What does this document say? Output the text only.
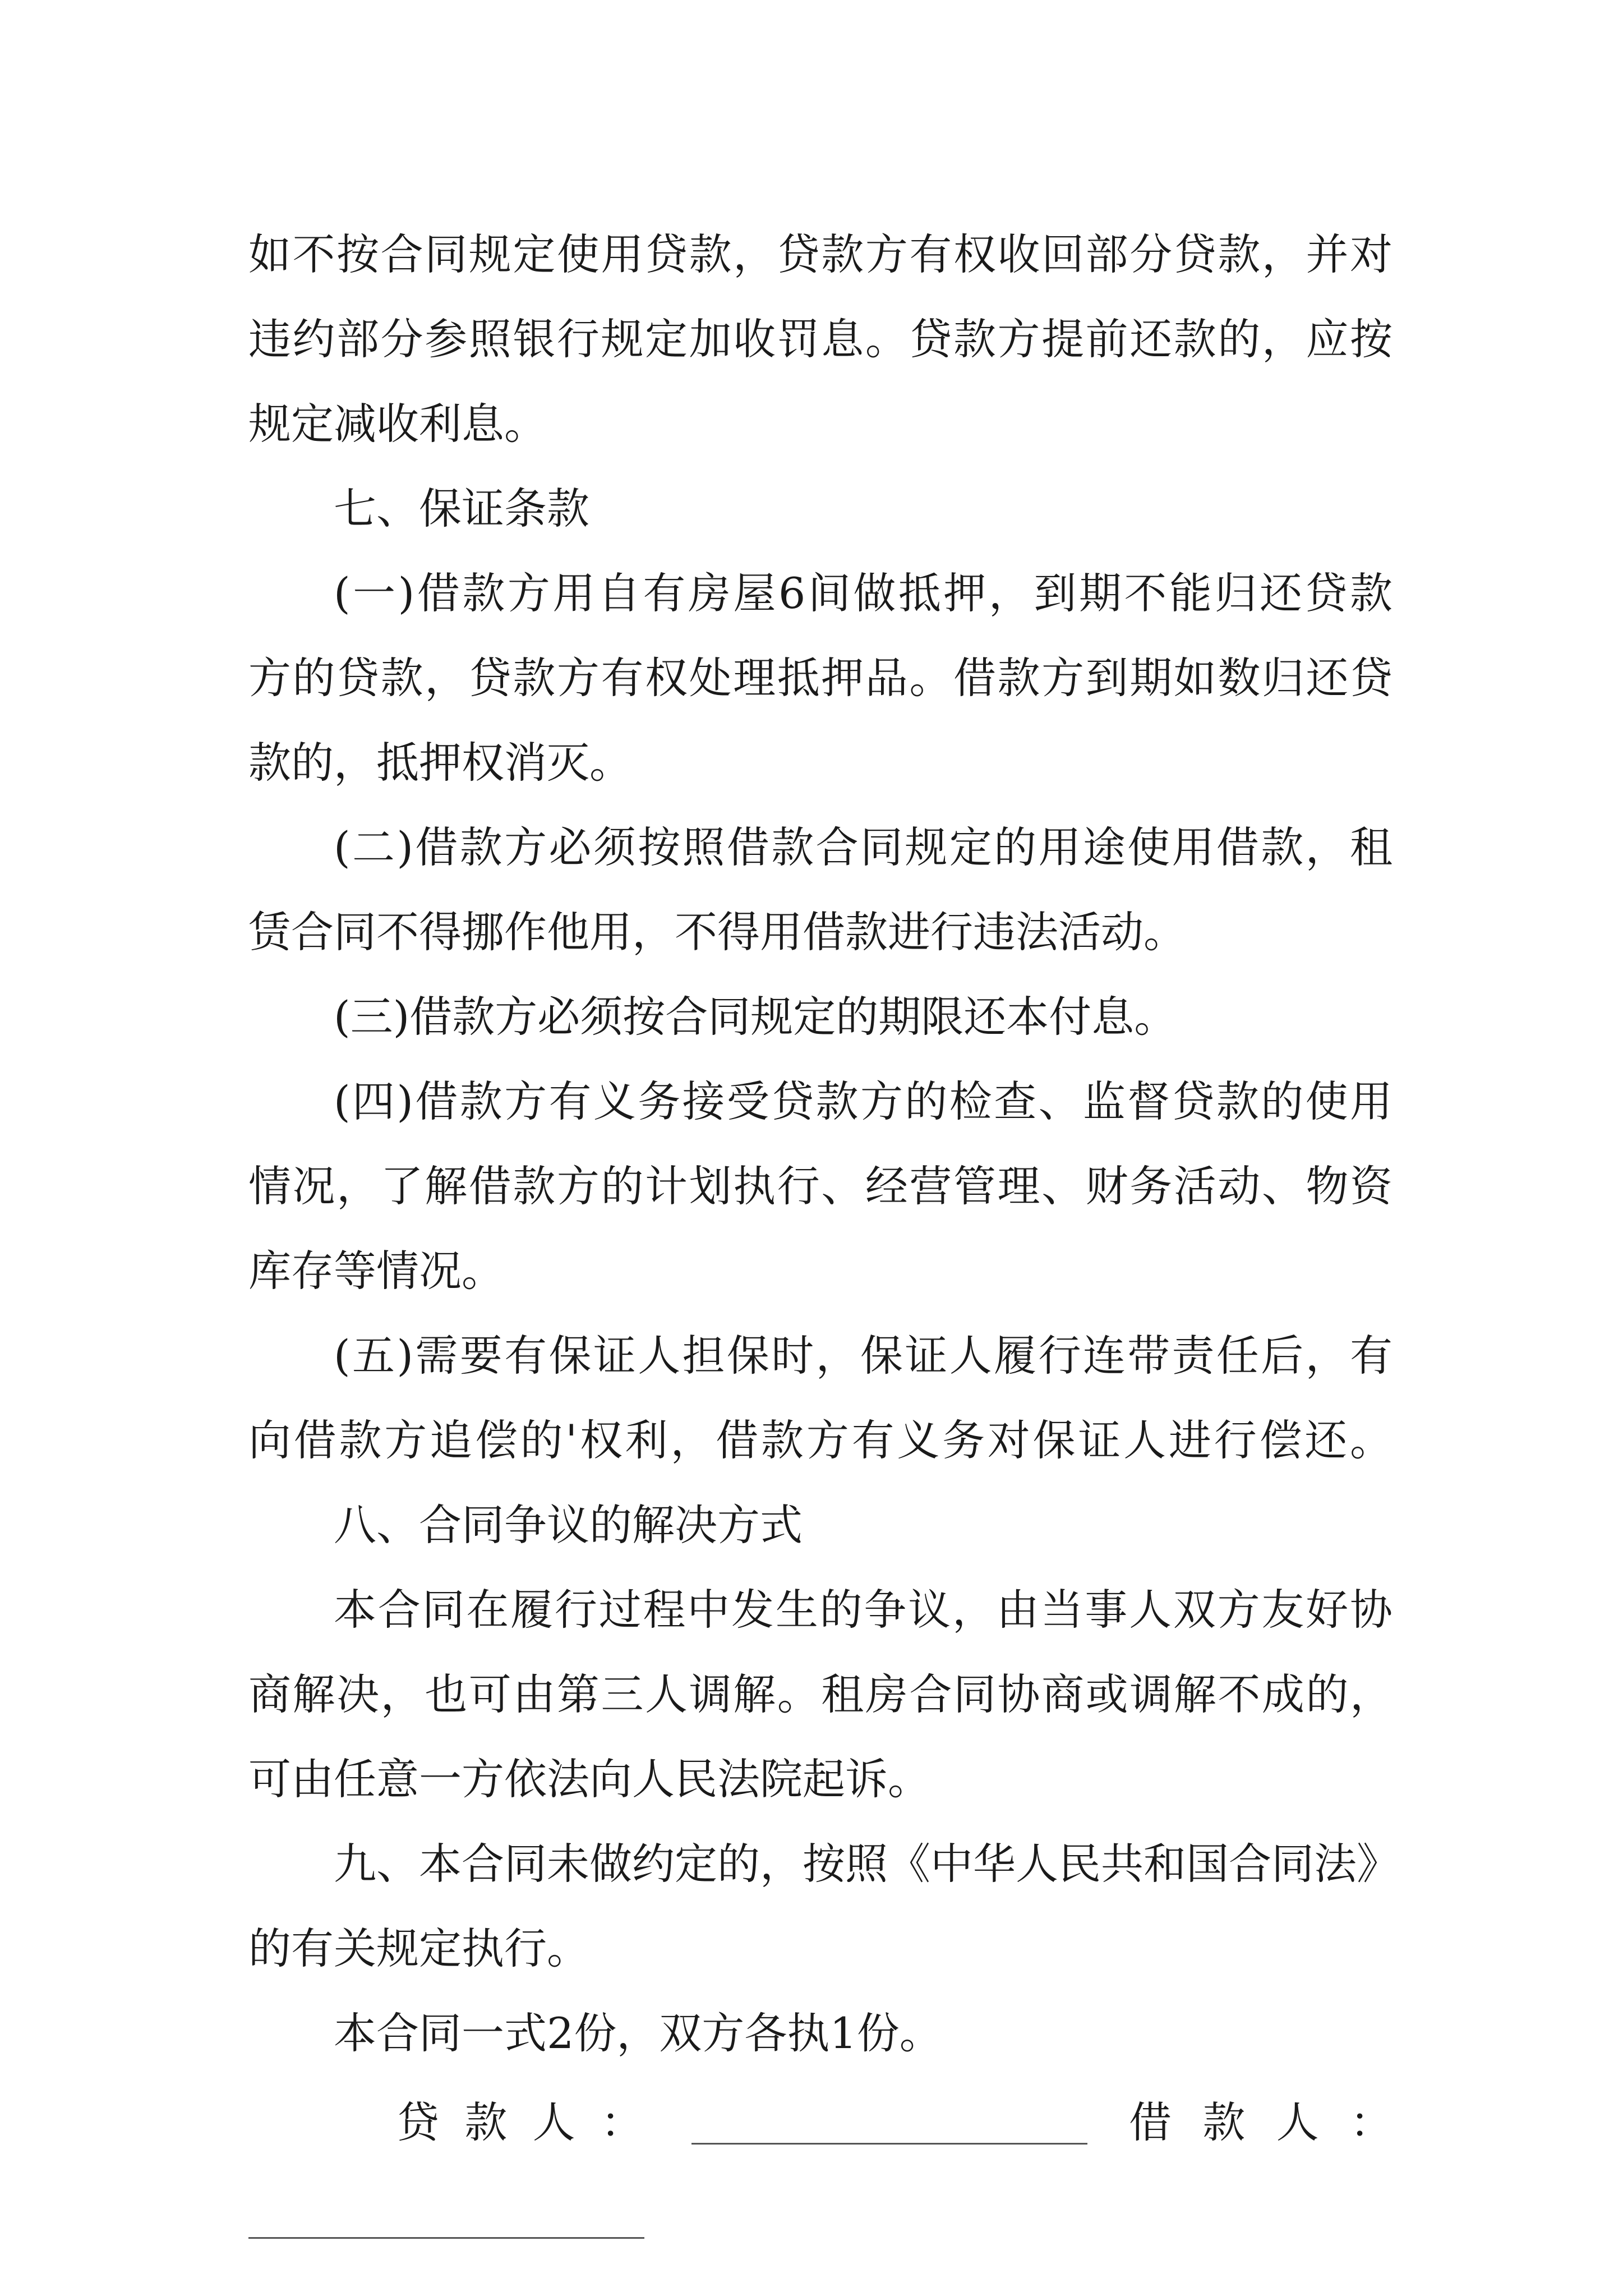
如不按合同规定使用贷款，贷款方有权收回部分贷款，并对
违约部分参照银行规定加收罚息。贷款方提前还款的，应按
规定减收利息。
七、保证条款
(一)借款方用自有房屋6间做抵押，到期不能归还贷款
方的贷款，贷款方有权处理抵押品。借款方到期如数归还贷
款的，抵押权消灭。
(二)借款方必须按照借款合同规定的用途使用借款，租
赁合同不得挪作他用，不得用借款进行违法活动。
(三)借款方必须按合同规定的期限还本付息。
(四)借款方有义务接受贷款方的检查、监督贷款的使用
情况，了解借款方的计划执行、经营管理、财务活动、物资
库存等情况。
(五)需要有保证人担保时，保证人履行连带责任后，有
向借款方追偿的'权利，借款方有义务对保证人进行偿还。
八、合同争议的解决方式
本合同在履行过程中发生的争议，由当事人双方友好协
商解决，也可由第三人调解。租房合同协商或调解不成的，
可由任意一方依法向人民法院起诉。
九、本合同未做约定的，按照《中华人民共和国合同法》
的有关规定执行。
本合同一式2份，双方各执1份。
贷款人：	借款人：
